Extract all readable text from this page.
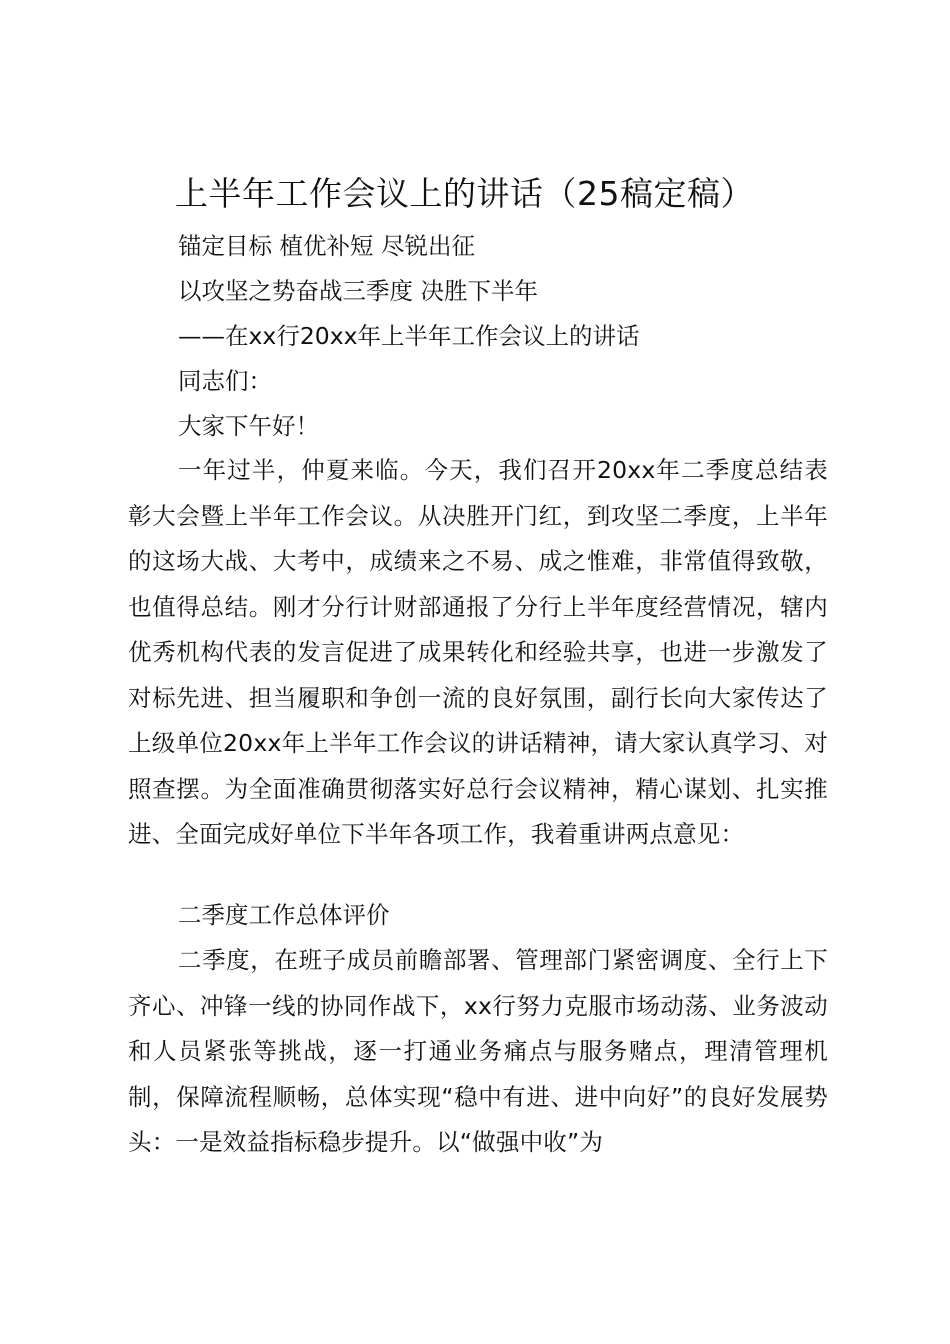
上半年工作会议上的讲话（25稿定稿）
锚定目标 植优补短 尽锐出征
以攻坚之势奋战三季度 决胜下半年
——在xx行20xx年上半年工作会议上的讲话
同志们：
大家下午好！
一年过半，仲夏来临。今天，我们召开20xx年二季度总结表彰大会暨上半年工作会议。从决胜开门红，到攻坚二季度，上半年的这场大战、大考中，成绩来之不易、成之惟难，非常值得致敬，也值得总结。刚才分行计财部通报了分行上半年度经营情况，辖内优秀机构代表的发言促进了成果转化和经验共享，也进一步激发了对标先进、担当履职和争创一流的良好氛围，副行长向大家传达了上级单位20xx年上半年工作会议的讲话精神，请大家认真学习、对照查摆。为全面准确贯彻落实好总行会议精神，精心谋划、扎实推进、全面完成好单位下半年各项工作，我着重讲两点意见：
二季度工作总体评价
二季度，在班子成员前瞻部署、管理部门紧密调度、全行上下齐心、冲锋一线的协同作战下，xx行努力克服市场动荡、业务波动和人员紧张等挑战，逐一打通业务痛点与服务赌点，理清管理机制，保障流程顺畅，总体实现“稳中有进、进中向好”的良好发展势头：一是效益指标稳步提升。以“做强中收”为
